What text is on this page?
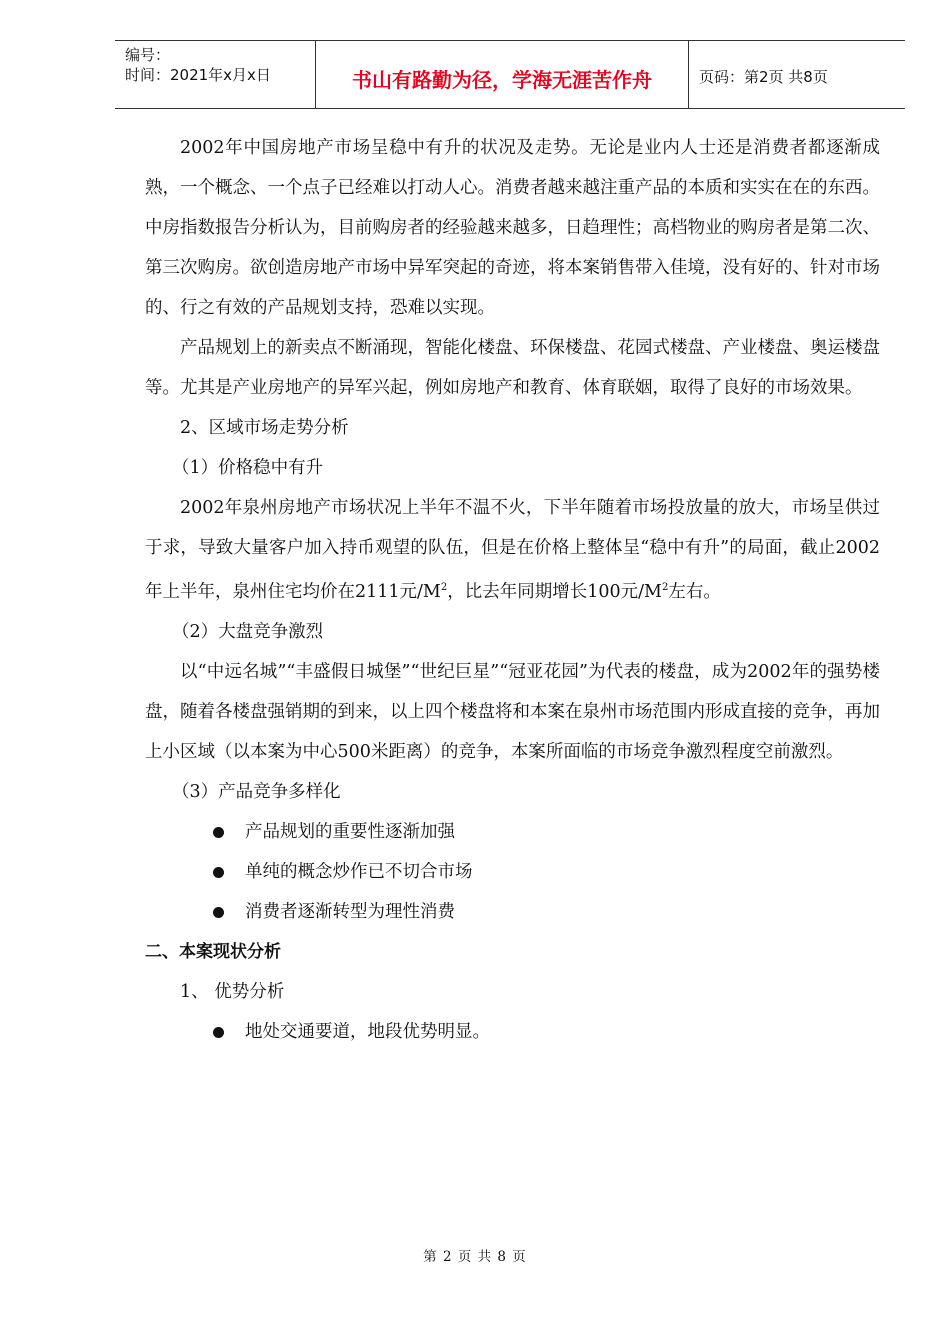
编号：
时间：2021年x月x日	书山有路勤为径，学海无涯苦作舟	页码：第2页 共8页

2002年中国房地产市场呈稳中有升的状况及走势。无论是业内人士还是消费者都逐渐成熟，一个概念、一个点子已经难以打动人心。消费者越来越注重产品的本质和实实在在的东西。中房指数报告分析认为，目前购房者的经验越来越多，日趋理性；高档物业的购房者是第二次、第三次购房。欲创造房地产市场中异军突起的奇迹，将本案销售带入佳境，没有好的、针对市场的、行之有效的产品规划支持，恐难以实现。

产品规划上的新卖点不断涌现，智能化楼盘、环保楼盘、花园式楼盘、产业楼盘、奥运楼盘等。尤其是产业房地产的异军兴起，例如房地产和教育、体育联姻，取得了良好的市场效果。

2、区域市场走势分析

（1）价格稳中有升

2002年泉州房地产市场状况上半年不温不火，下半年随着市场投放量的放大，市场呈供过于求，导致大量客户加入持币观望的队伍，但是在价格上整体呈“稳中有升”的局面，截止2002年上半年，泉州住宅均价在2111元$/M^2$，比去年同期增长100元$/M^2$左右。

（2）大盘竞争激烈

以“中远名城”“丰盛假日城堡”“世纪巨星”“冠亚花园”为代表的楼盘，成为2002年的强势楼盘，随着各楼盘强销期的到来，以上四个楼盘将和本案在泉州市场范围内形成直接的竞争，再加上小区域（以本案为中心500米距离）的竞争，本案所面临的市场竞争激烈程度空前激烈。

（3）产品竞争多样化

产品规划的重要性逐渐加强

单纯的概念炒作已不切合市场

消费者逐渐转型为理性消费

二、本案现状分析

1、 优势分析

地处交通要道，地段优势明显。

第 2 页 共 8 页
